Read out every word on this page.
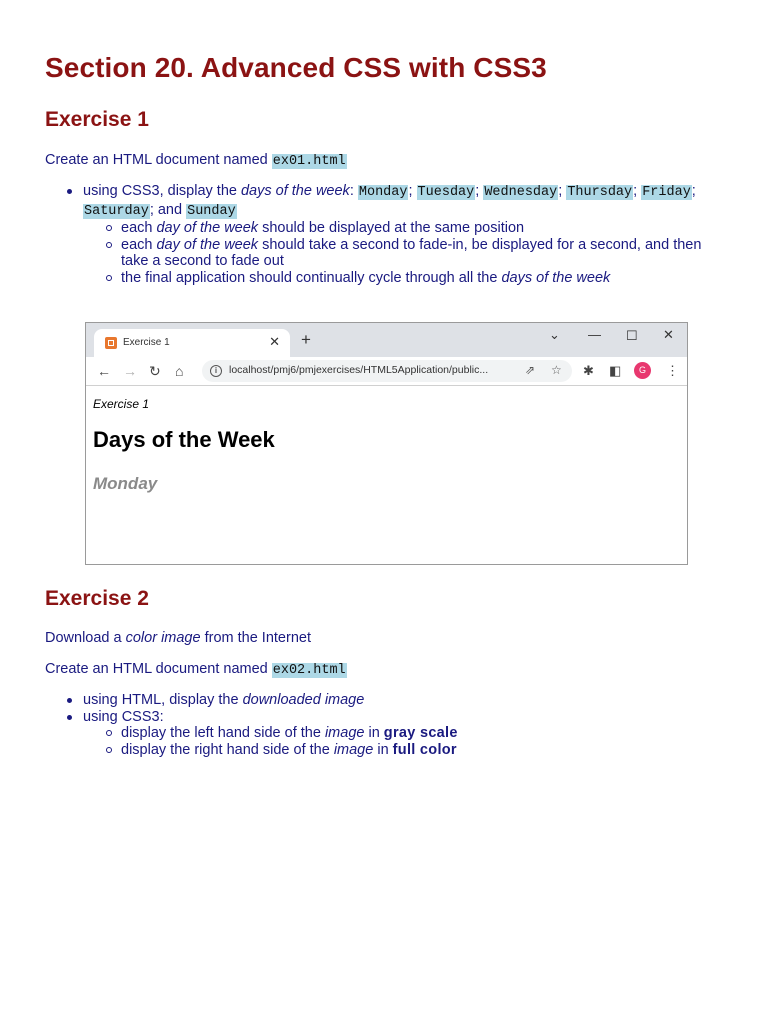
Section 20. Advanced CSS with CSS3
Exercise 1

Create an HTML document named ex01.html

using CSS3, display the days of the week: Monday; Tuesday; Wednesday; Thursday; Friday; Saturday; and Sunday
each day of the week should be displayed at the same position
each day of the week should take a second to fade-in, be displayed for a second, and then take a second to fade out
the final application should continually cycle through all the days of the week
Exercise 2

Download a color image from the Internet

Create an HTML document named ex02.html

using HTML, display the downloaded image
using CSS3:
display the left hand side of the image in gray scale
display the right hand side of the image in full color
Exercise 1	✕ +	⌄ — ☐ ✕
← → ↻ ⌂	i	localhost/pmj6/pmjexercises/HTML5Application/public...	⇗ ☆ ✱ ◧	G	⋮
Exercise 1
Days of the Week
Monday
